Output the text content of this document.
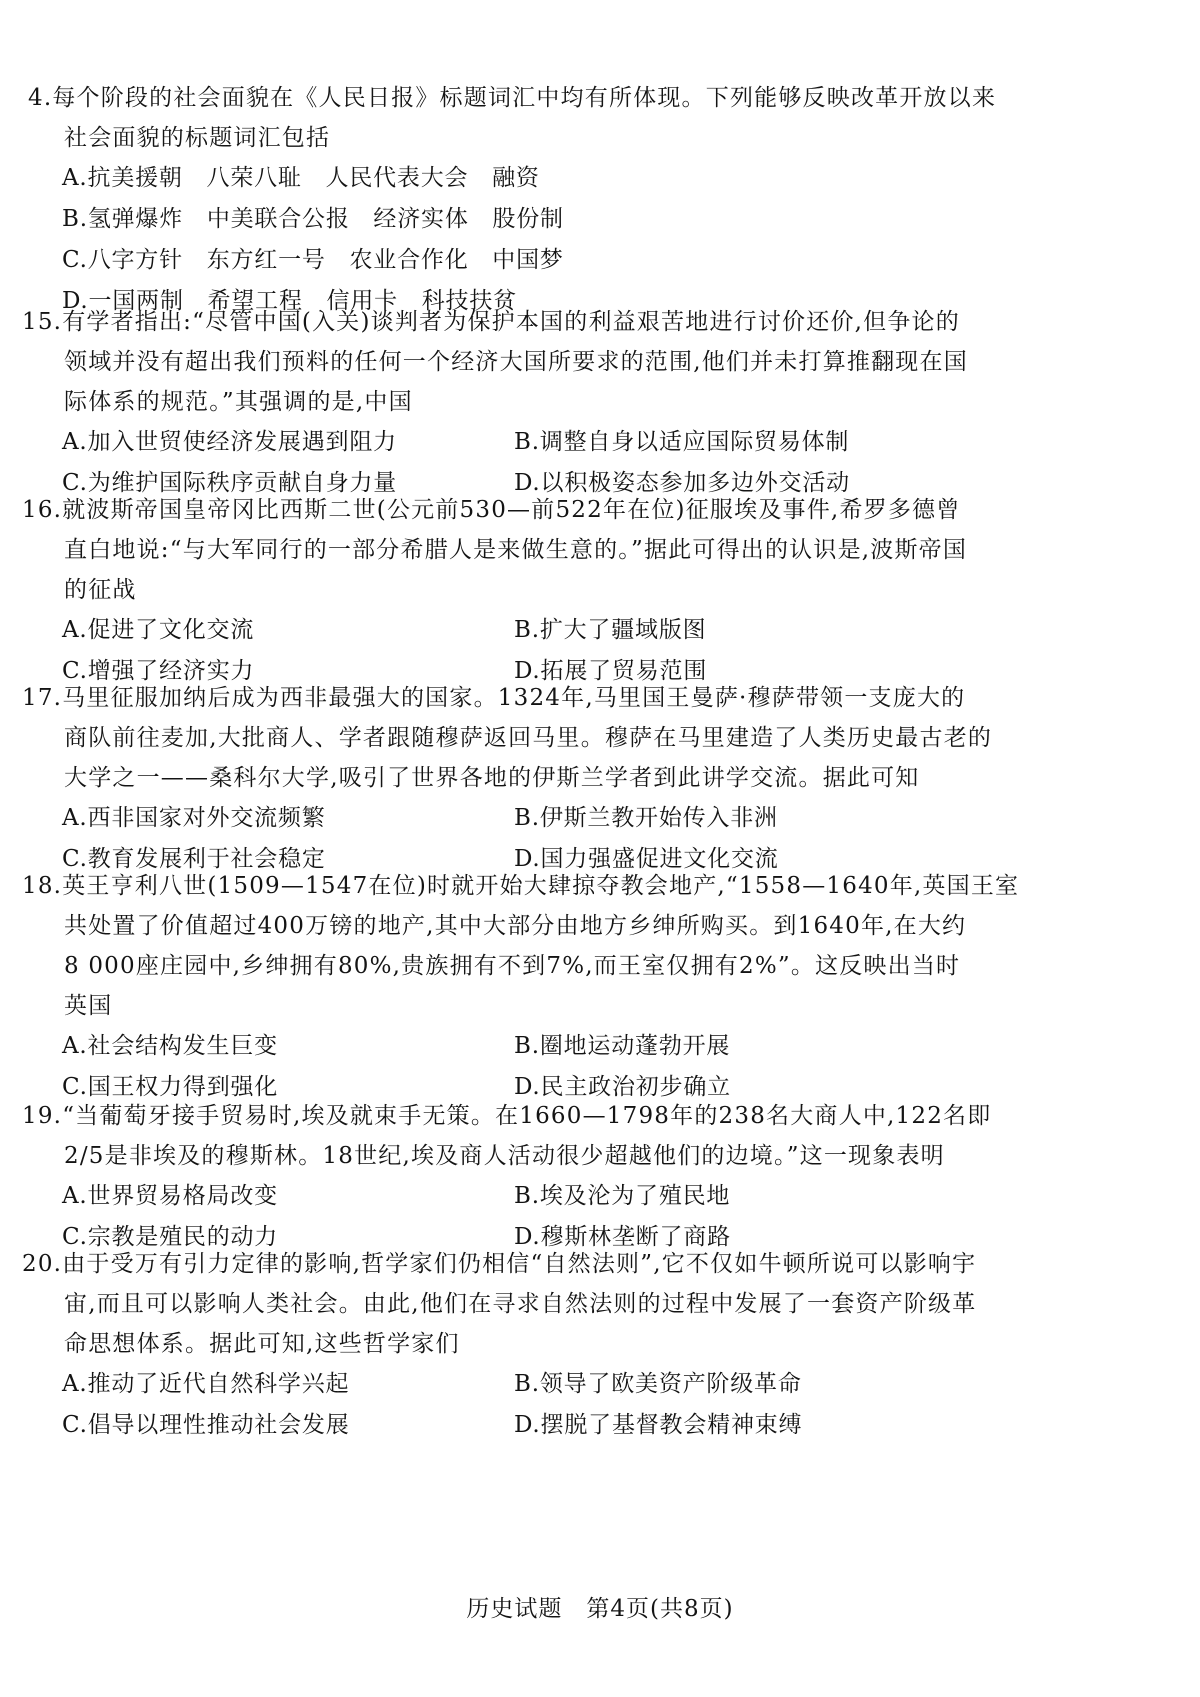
4.每个阶段的社会面貌在《人民日报》标题词汇中均有所体现。下列能够反映改革开放以来
社会面貌的标题词汇包括
A.抗美援朝　八荣八耻　人民代表大会　融资
B.氢弹爆炸　中美联合公报　经济实体　股份制
C.八字方针　东方红一号　农业合作化　中国梦
D.一国两制　希望工程　信用卡　科技扶贫
15.有学者指出:“尽管中国(入关)谈判者为保护本国的利益艰苦地进行讨价还价,但争论的
领域并没有超出我们预料的任何一个经济大国所要求的范围,他们并未打算推翻现在国
际体系的规范。”其强调的是,中国
A.加入世贸使经济发展遇到阻力	B.调整自身以适应国际贸易体制
C.为维护国际秩序贡献自身力量	D.以积极姿态参加多边外交活动
16.就波斯帝国皇帝冈比西斯二世(公元前530—前522年在位)征服埃及事件,希罗多德曾
直白地说:“与大军同行的一部分希腊人是来做生意的。”据此可得出的认识是,波斯帝国
的征战
A.促进了文化交流	B.扩大了疆域版图
C.增强了经济实力	D.拓展了贸易范围
17.马里征服加纳后成为西非最强大的国家。1324年,马里国王曼萨·穆萨带领一支庞大的
商队前往麦加,大批商人、学者跟随穆萨返回马里。穆萨在马里建造了人类历史最古老的
大学之一——桑科尔大学,吸引了世界各地的伊斯兰学者到此讲学交流。据此可知
A.西非国家对外交流频繁	B.伊斯兰教开始传入非洲
C.教育发展利于社会稳定	D.国力强盛促进文化交流
18.英王亨利八世(1509—1547在位)时就开始大肆掠夺教会地产,“1558—1640年,英国王室
共处置了价值超过400万镑的地产,其中大部分由地方乡绅所购买。到1640年,在大约
8 000座庄园中,乡绅拥有80%,贵族拥有不到7%,而王室仅拥有2%”。这反映出当时
英国
A.社会结构发生巨变	B.圈地运动蓬勃开展
C.国王权力得到强化	D.民主政治初步确立
19.“当葡萄牙接手贸易时,埃及就束手无策。在1660—1798年的238名大商人中,122名即
2/5是非埃及的穆斯林。18世纪,埃及商人活动很少超越他们的边境。”这一现象表明
A.世界贸易格局改变	B.埃及沦为了殖民地
C.宗教是殖民的动力	D.穆斯林垄断了商路
20.由于受万有引力定律的影响,哲学家们仍相信“自然法则”,它不仅如牛顿所说可以影响宇
宙,而且可以影响人类社会。由此,他们在寻求自然法则的过程中发展了一套资产阶级革
命思想体系。据此可知,这些哲学家们
A.推动了近代自然科学兴起	B.领导了欧美资产阶级革命
C.倡导以理性推动社会发展	D.摆脱了基督教会精神束缚
历史试题　第4页(共8页)
